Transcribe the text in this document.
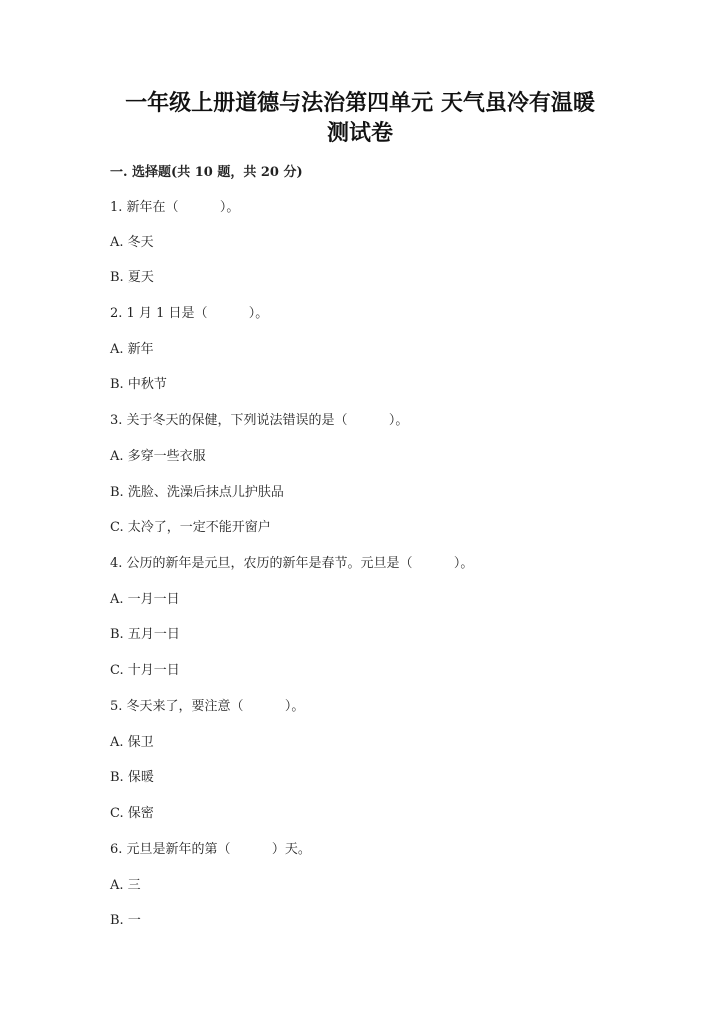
一年级上册道德与法治第四单元 天气虽冷有温暖
测试卷
一. 选择题(共 10 题，共 20 分)
1. 新年在（          ）。
A. 冬天
B. 夏天
2. 1 月 1 日是（          ）。
A. 新年
B. 中秋节
3. 关于冬天的保健，下列说法错误的是（          ）。
A. 多穿一些衣服
B. 洗脸、洗澡后抹点儿护肤品
C. 太冷了，一定不能开窗户
4. 公历的新年是元旦，农历的新年是春节。元旦是（          ）。
A. 一月一日
B. 五月一日
C. 十月一日
5. 冬天来了，要注意（          ）。
A. 保卫
B. 保暖
C. 保密
6. 元旦是新年的第（          ）天。
A. 三
B. 一
